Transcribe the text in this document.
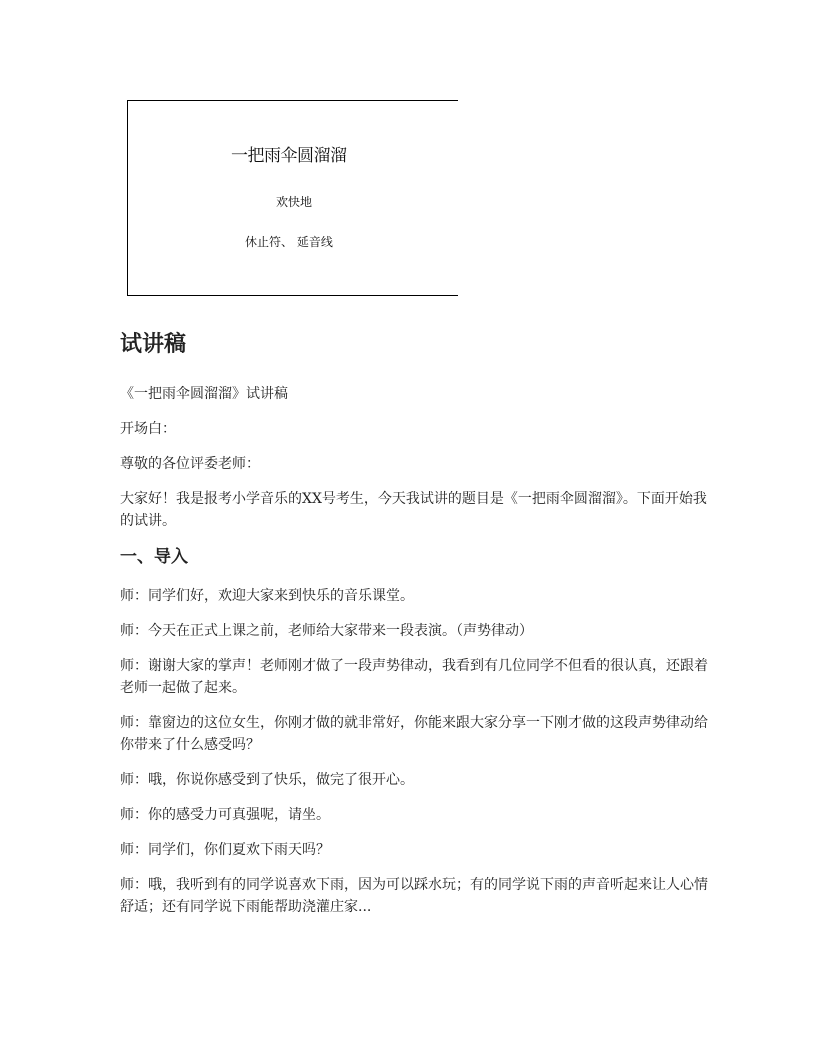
一把雨伞圆溜溜
欢快地
休止符、 延音线
试讲稿

《一把雨伞圆溜溜》试讲稿

开场白：

尊敬的各位评委老师：

大家好！我是报考小学音乐的XX号考生，今天我试讲的题目是《一把雨伞圆溜溜》。下面开始我的试讲。

一、导入

师：同学们好，欢迎大家来到快乐的音乐课堂。

师：今天在正式上课之前，老师给大家带来一段表演。（声势律动）

师：谢谢大家的掌声！老师刚才做了一段声势律动，我看到有几位同学不但看的很认真，还跟着老师一起做了起来。

师：靠窗边的这位女生，你刚才做的就非常好，你能来跟大家分享一下刚才做的这段声势律动给你带来了什么感受吗？

师：哦，你说你感受到了快乐，做完了很开心。

师：你的感受力可真强呢，请坐。

师：同学们，你们夏欢下雨天吗？

师：哦，我听到有的同学说喜欢下雨，因为可以踩水玩；有的同学说下雨的声音听起来让人心情舒适；还有同学说下雨能帮助浇灌庄家...
